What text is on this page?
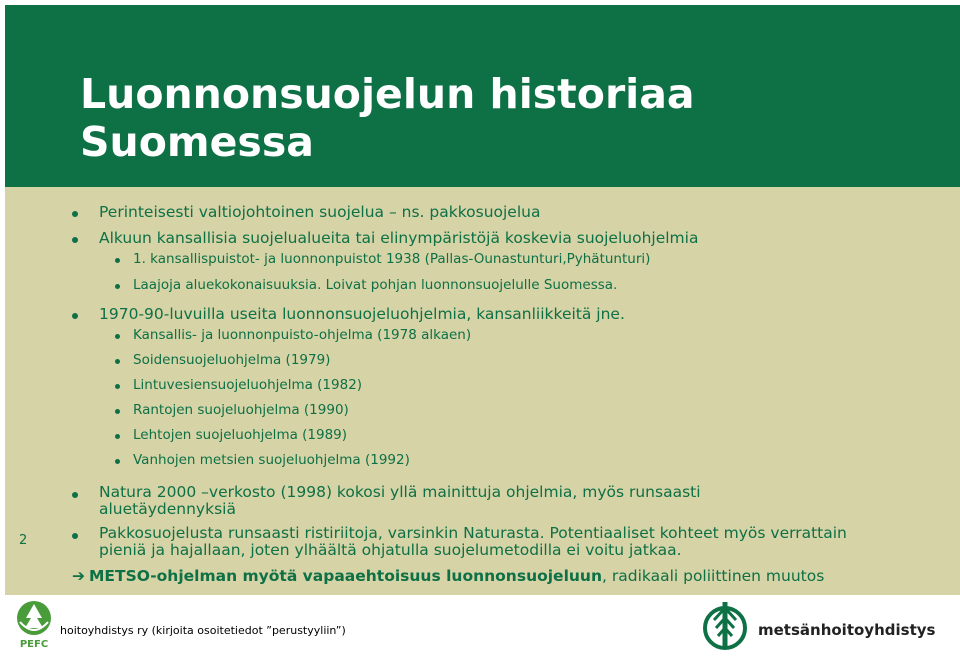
Luonnonsuojelun historiaa
Suomessa
Perinteisesti valtiojohtoinen suojelua – ns. pakkosuojelua
Alkuun kansallisia suojelualueita tai elinympäristöjä koskevia suojeluohjelmia
1. kansallispuistot- ja luonnonpuistot 1938 (Pallas-Ounastunturi,Pyhätunturi)
Laajoja aluekokonaisuuksia. Loivat pohjan luonnonsuojelulle Suomessa.
1970-90-luvuilla useita luonnonsuojeluohjelmia, kansanliikkeitä jne.
Kansallis- ja luonnonpuisto-ohjelma (1978 alkaen)
Soidensuojeluohjelma (1979)
Lintuvesiensuojeluohjelma (1982)
Rantojen suojeluohjelma (1990)
Lehtojen suojeluohjelma (1989)
Vanhojen metsien suojeluohjelma (1992)
Natura 2000 –verkosto (1998) kokosi yllä mainittuja ohjelmia, myös runsaasti aluetäydennyksiä
Pakkosuojelusta runsaasti ristiriitoja, varsinkin Naturasta. Potentiaaliset kohteet myös verrattain pieniä ja hajallaan, joten ylhäältä ohjatulla suojelumetodilla ei voitu jatkaa.
➔ METSO-ohjelman myötä vapaaehtoisuus luonnonsuojeluun, radikaali poliittinen muutos
2
PEFC
hoitoyhdistys ry (kirjoita osoitetiedot ”perustyyliin”)	metsänhoitoyhdistys
